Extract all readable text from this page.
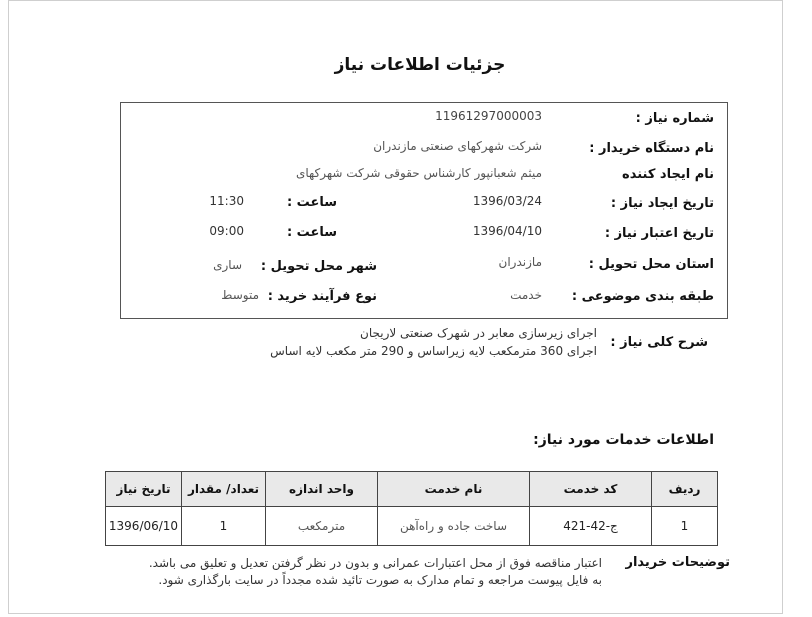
جزئیات اطلاعات نیاز
شماره نیاز :
11961297000003
نام دستگاه خریدار :
شرکت شهرکهای صنعتی مازندران
نام ایجاد کننده
میثم شعبانپور کارشناس حقوقی شرکت شهرکهای
تاریخ ایجاد نیاز :
1396/03/24
ساعت :
11:30
تاریخ اعتبار نیاز :
1396/04/10
ساعت :
09:00
استان محل تحویل :
مازندران
شهر محل تحویل :
ساری
طبقه بندی موضوعی :
خدمت
نوع فرآیند خرید :
متوسط
شرح کلی نیاز :
اجرای زیرسازی معابر در شهرک صنعتی لاریجان
اجرای 360 مترمکعب لایه زیراساس و 290 متر مکعب لایه اساس
اطلاعات خدمات مورد نیاز:
ردیف	کد خدمت	نام خدمت	واحد اندازه	تعداد/ مقدار	تاریخ نیاز
1	ج-42-421	ساخت جاده و راه‌آهن	مترمکعب	1	1396/06/10
توضیحات خریدار
اعتبار مناقصه فوق از محل اعتبارات عمرانی و بدون در نظر گرفتن تعدیل و تعلیق می باشد.
به فایل پیوست مراجعه و تمام مدارک به صورت تائید شده مجدداً در سایت بارگذاری شود.
